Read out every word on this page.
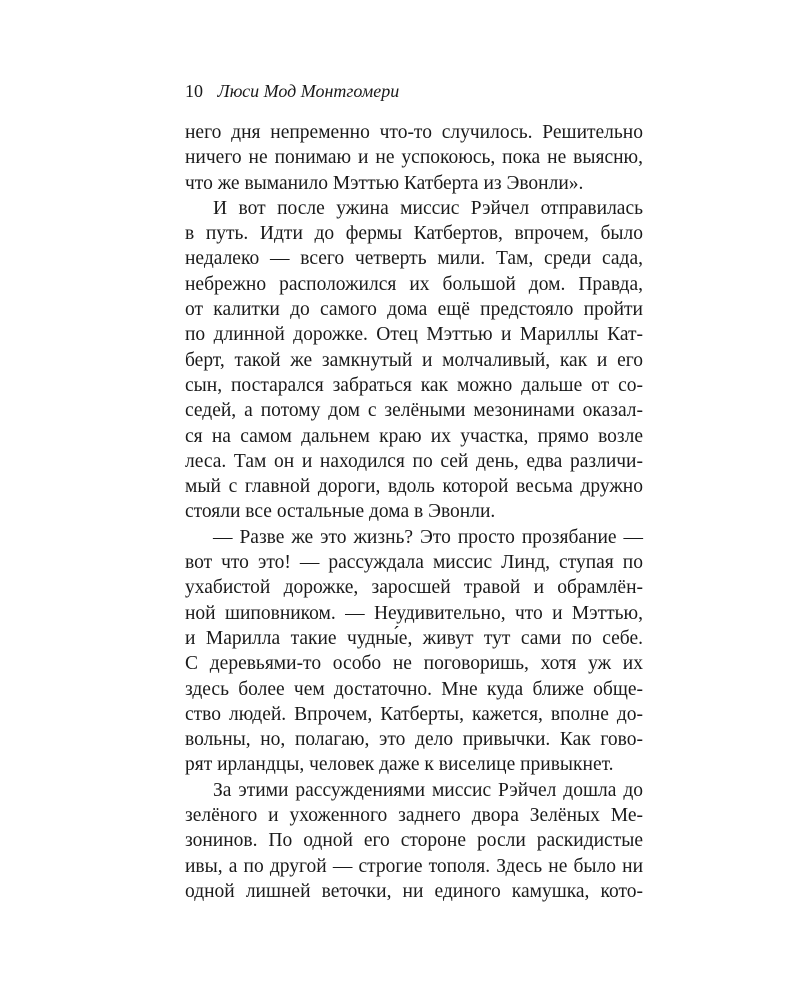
10 Люси Мод Монтгомери
него дня непременно что-то случилось. Решительно
ничего не понимаю и не успокоюсь, пока не выясню,
что же выманило Мэттью Катберта из Эвонли».
И вот после ужина миссис Рэйчел отправилась
в путь. Идти до фермы Катбертов, впрочем, было
недалеко — всего четверть мили. Там, среди сада,
небрежно расположился их большой дом. Правда,
от калитки до самого дома ещё предстояло пройти
по длинной дорожке. Отец Мэттью и Мариллы Кат-
берт, такой же замкнутый и молчаливый, как и его
сын, постарался забраться как можно дальше от со-
седей, а потому дом с зелёными мезонинами оказал-
ся на самом дальнем краю их участка, прямо возле
леса. Там он и находился по сей день, едва различи-
мый с главной дороги, вдоль которой весьма дружно
стояли все остальные дома в Эвонли.
— Разве же это жизнь? Это просто прозябание —
вот что это! — рассуждала миссис Линд, ступая по
ухабистой дорожке, заросшей травой и обрамлён-
ной шиповником. — Неудивительно, что и Мэттью,
и Марилла такие чудны́е, живут тут сами по себе.
С деревьями-то особо не поговоришь, хотя уж их
здесь более чем достаточно. Мне куда ближе обще-
ство людей. Впрочем, Катберты, кажется, вполне до-
вольны, но, полагаю, это дело привычки. Как гово-
рят ирландцы, человек даже к виселице привыкнет.
За этими рассуждениями миссис Рэйчел дошла до
зелёного и ухоженного заднего двора Зелёных Ме-
зонинов. По одной его стороне росли раскидистые
ивы, а по другой — строгие тополя. Здесь не было ни
одной лишней веточки, ни единого камушка, кото-
